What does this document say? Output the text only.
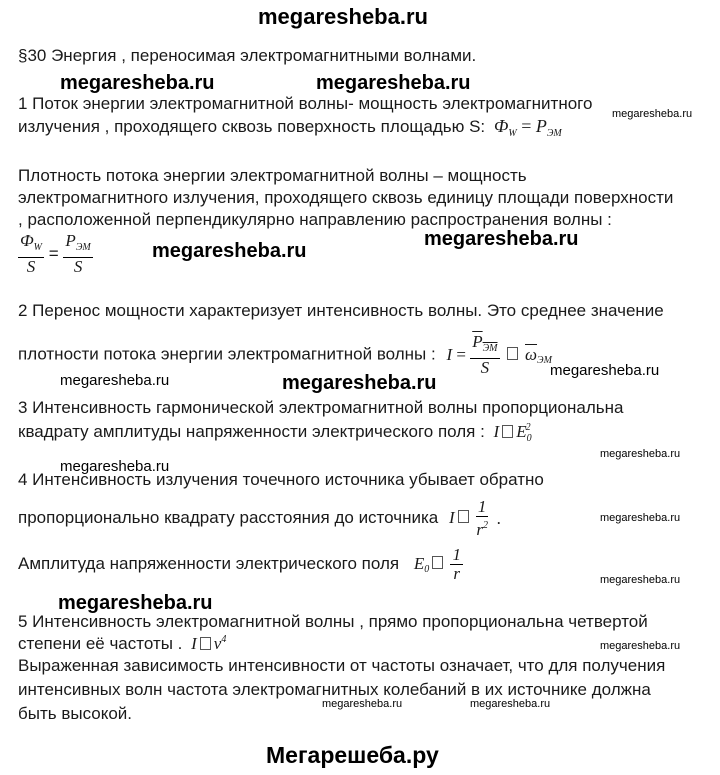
megaresheba.ru
§30 Энергия , переносимая электромагнитными волнами.
megaresheba.ru	megaresheba.ru
1 Поток энергии электромагнитной волны- мощность электромагнитного
megaresheba.ru
излучения , проходящего сквозь поверхность площадью S: $Ф_W = P_{ЭМ}$
Плотность потока энергии электромагнитной волны – мощность
электромагнитного излучения, проходящего сквозь единицу площади поверхности
, расположенной перпендикулярно направлению распространения волны :
$\frac{Ф_W}{S} = \frac{P_{ЭМ}}{S}$	megaresheba.ru
megaresheba.ru
2 Перенос мощности характеризует интенсивность волны. Это среднее значение
плотности потока энергии электромагнитной волны : $I = \frac{P_{ЭМ}}{S} \overline{\omega}_{ЭМ}$
megaresheba.ru	megaresheba.ru
megaresheba.ru
3 Интенсивность гармонической электромагнитной волны пропорциональна
квадрату амплитуды напряженности электрического поля : I $E_0^2$
megaresheba.ru
megaresheba.ru
4 Интенсивность излучения точечного источника убывает обратно
пропорционально квадрату расстояния до источника I $\frac{1}{r^2}$ .	megaresheba.ru
Амплитуда напряженности электрического поля $E_0 \frac{1}{r}$	megaresheba.ru
megaresheba.ru
5 Интенсивность электромагнитной волны , прямо пропорциональна четвертой
степени её частоты . I $\nu^4$
megaresheba.ru
Выраженная зависимость интенсивности от частоты означает, что для получения
интенсивных волн частота электромагнитных колебаний в их источнике должна
быть высокой.	megaresheba.ru	megaresheba.ru
Мегарешеба.ру
